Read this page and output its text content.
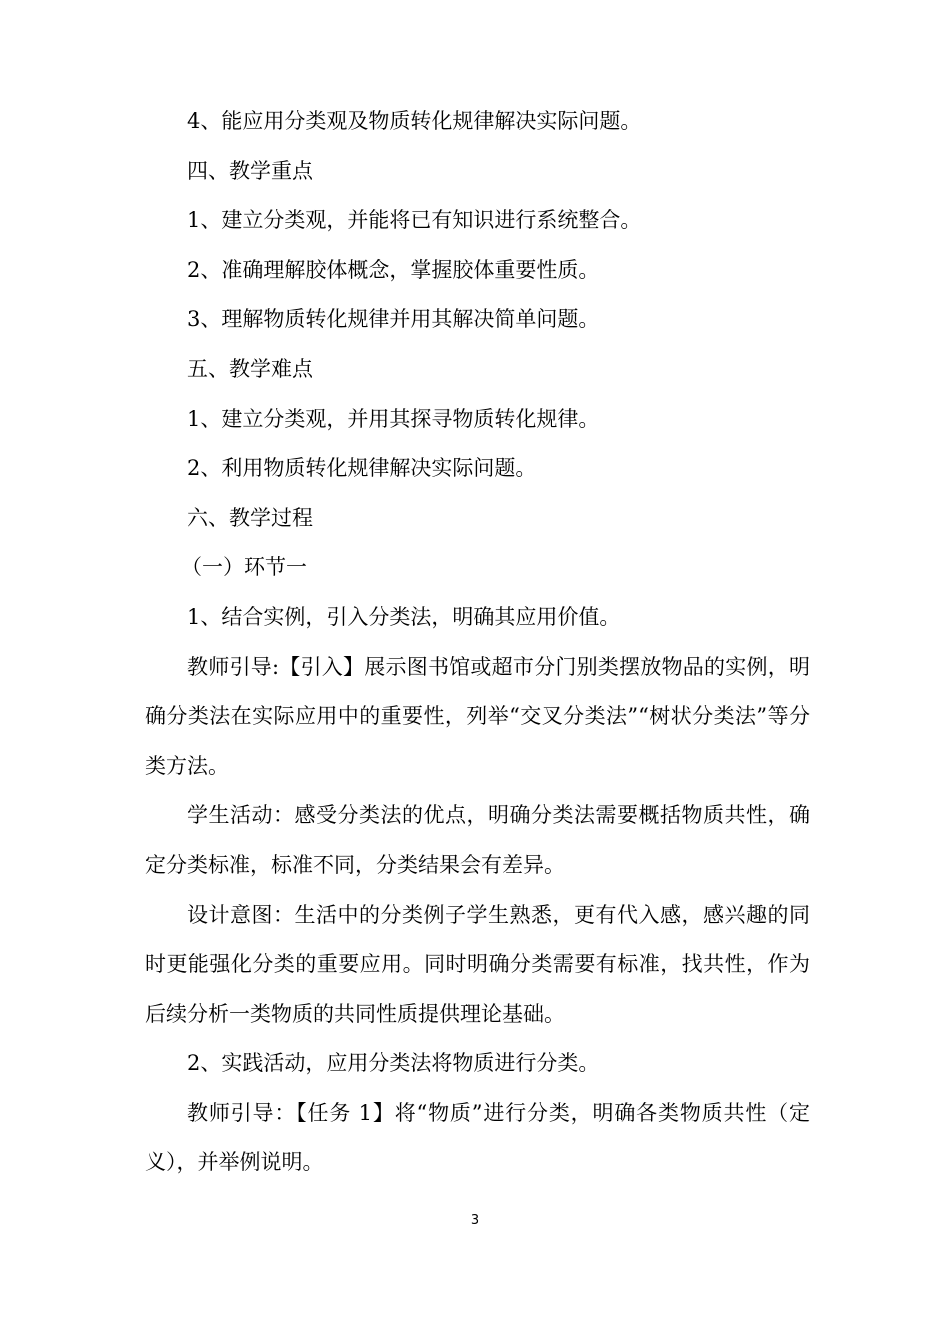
4、能应用分类观及物质转化规律解决实际问题。

四、教学重点

1、建立分类观，并能将已有知识进行系统整合。

2、准确理解胶体概念，掌握胶体重要性质。

3、理解物质转化规律并用其解决简单问题。

五、教学难点

1、建立分类观，并用其探寻物质转化规律。

2、利用物质转化规律解决实际问题。

六、教学过程

（一）环节一

1、结合实例，引入分类法，明确其应用价值。

教师引导:【引入】展示图书馆或超市分门别类摆放物品的实例，明确分类法在实际应用中的重要性，列举“交叉分类法”“树状分类法”等分类方法。

学生活动：感受分类法的优点，明确分类法需要概括物质共性，确定分类标准，标准不同，分类结果会有差异。

设计意图：生活中的分类例子学生熟悉，更有代入感，感兴趣的同时更能强化分类的重要应用。同时明确分类需要有标准，找共性，作为后续分析一类物质的共同性质提供理论基础。

2、实践活动，应用分类法将物质进行分类。

教师引导：【任务 1】将“物质”进行分类，明确各类物质共性（定义），并举例说明。

3
